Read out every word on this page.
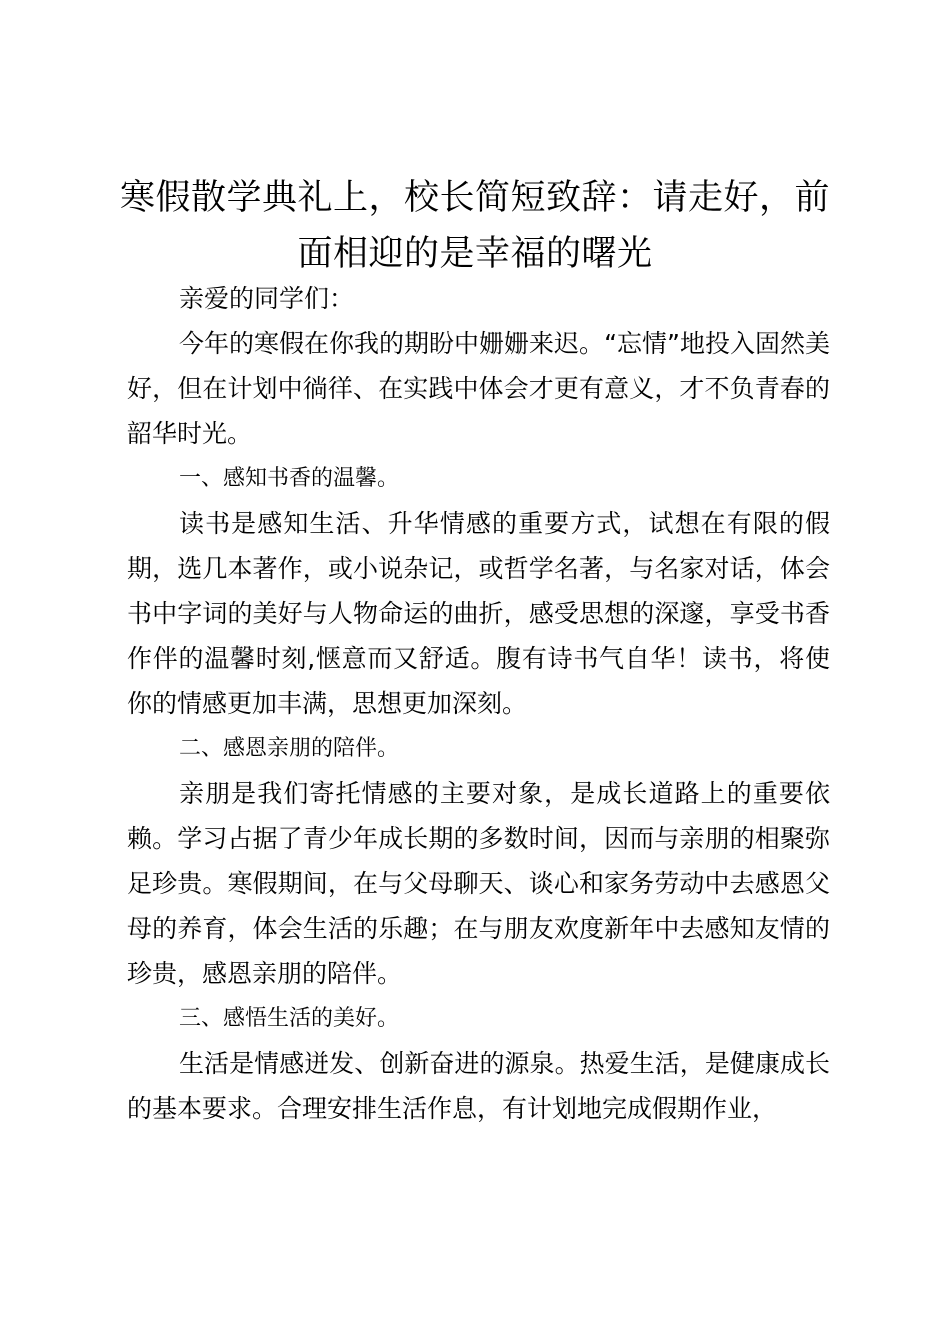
寒假散学典礼上，校长简短致辞：请走好，前面相迎的是幸福的曙光

亲爱的同学们：

今年的寒假在你我的期盼中姗姗来迟。“忘情”地投入固然美好，但在计划中徜徉、在实践中体会才更有意义，才不负青春的韶华时光。

一、感知书香的温馨。

读书是感知生活、升华情感的重要方式，试想在有限的假期，选几本著作，或小说杂记，或哲学名著，与名家对话，体会书中字词的美好与人物命运的曲折，感受思想的深邃，享受书香作伴的温馨时刻,惬意而又舒适。腹有诗书气自华！读书，将使你的情感更加丰满，思想更加深刻。

二、感恩亲朋的陪伴。

亲朋是我们寄托情感的主要对象，是成长道路上的重要依赖。学习占据了青少年成长期的多数时间，因而与亲朋的相聚弥足珍贵。寒假期间，在与父母聊天、谈心和家务劳动中去感恩父母的养育，体会生活的乐趣；在与朋友欢度新年中去感知友情的珍贵，感恩亲朋的陪伴。

三、感悟生活的美好。

生活是情感迸发、创新奋进的源泉。热爱生活，是健康成长的基本要求。合理安排生活作息，有计划地完成假期作业，
